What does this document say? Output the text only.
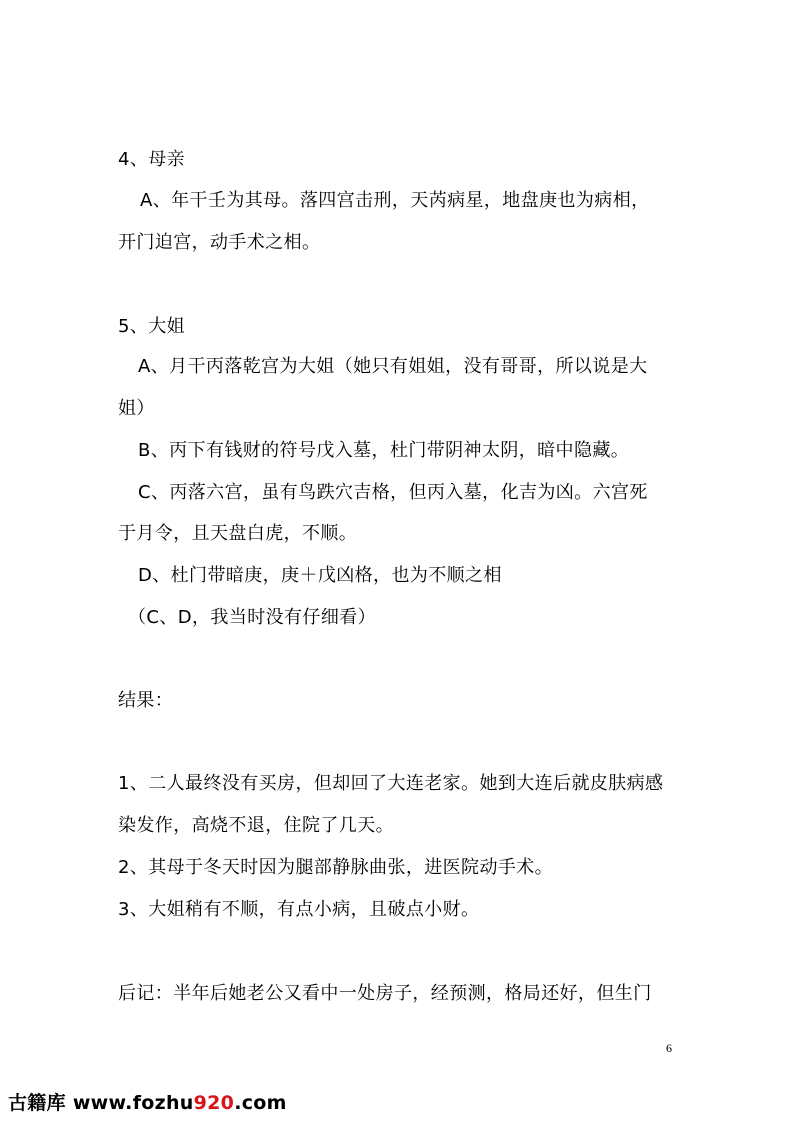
4、母亲
A、年干壬为其母。落四宫击刑，天芮病星，地盘庚也为病相，
开门迫宫，动手术之相。
5、大姐
A、月干丙落乾宫为大姐（她只有姐姐，没有哥哥，所以说是大
姐）
B、丙下有钱财的符号戊入墓，杜门带阴神太阴，暗中隐藏。
C、丙落六宫，虽有鸟跌穴吉格，但丙入墓，化吉为凶。六宫死
于月令，且天盘白虎，不顺。
D、杜门带暗庚，庚＋戊凶格，也为不顺之相
（C、D，我当时没有仔细看）
结果：
1、二人最终没有买房，但却回了大连老家。她到大连后就皮肤病感
染发作，高烧不退，住院了几天。
2、其母于冬天时因为腿部静脉曲张，进医院动手术。
3、大姐稍有不顺，有点小病，且破点小财。
后记：半年后她老公又看中一处房子，经预测，格局还好，但生门
6
古籍库 www.fozhu920.com
